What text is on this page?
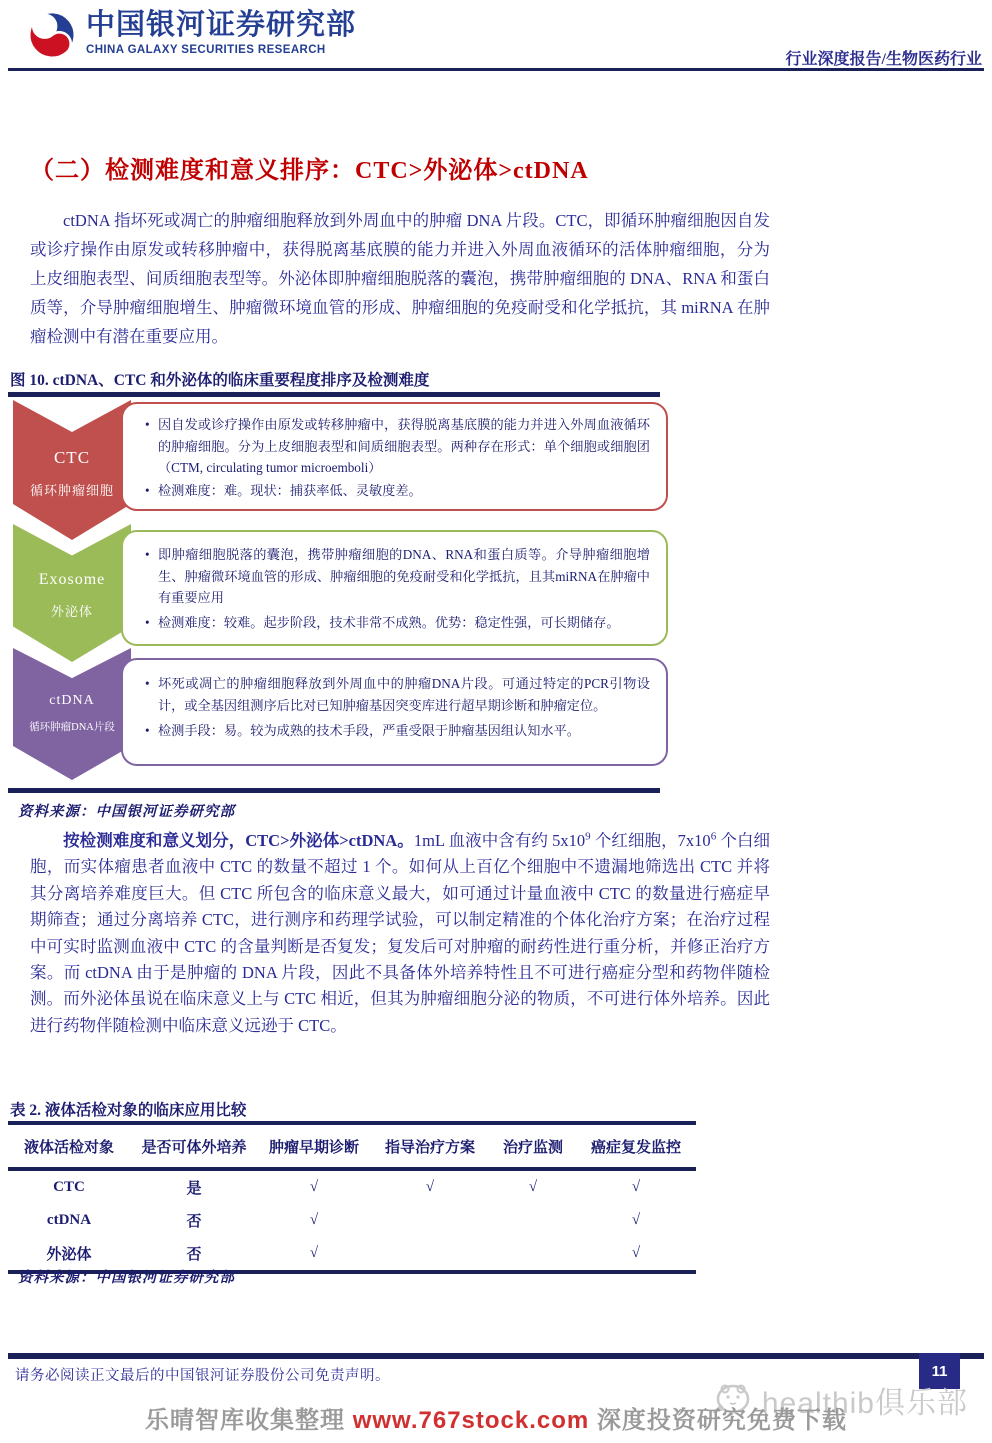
中国银河证券研究部
CHINA GALAXY SECURITIES RESEARCH
行业深度报告/生物医药行业
（二）检测难度和意义排序：CTC>外泌体>ctDNA
ctDNA 指坏死或凋亡的肿瘤细胞释放到外周血中的肿瘤 DNA 片段。CTC，即循环肿瘤细胞因自发或诊疗操作由原发或转移肿瘤中，获得脱离基底膜的能力并进入外周血液循环的活体肿瘤细胞，分为上皮细胞表型、间质细胞表型等。外泌体即肿瘤细胞脱落的囊泡，携带肿瘤细胞的 DNA、RNA 和蛋白质等，介导肿瘤细胞增生、肿瘤微环境血管的形成、肿瘤细胞的免疫耐受和化学抵抗，其 miRNA 在肿瘤检测中有潜在重要应用。
图 10. ctDNA、CTC 和外泌体的临床重要程度排序及检测难度
CTC
循环肿瘤细胞
• 因自发或诊疗操作由原发或转移肿瘤中，获得脱离基底膜的能力并进入外周血液循环的肿瘤细胞。分为上皮细胞表型和间质细胞表型。两种存在形式：单个细胞或细胞团（CTM, circulating tumor microemboli）
• 检测难度：难。现状：捕获率低、灵敏度差。
Exosome
外泌体
• 即肿瘤细胞脱落的囊泡，携带肿瘤细胞的DNA、RNA和蛋白质等。介导肿瘤细胞增生、肿瘤微环境血管的形成、肿瘤细胞的免疫耐受和化学抵抗，且其miRNA在肿瘤中有重要应用
• 检测难度：较难。起步阶段，技术非常不成熟。优势：稳定性强，可长期储存。
ctDNA
循环肿瘤DNA片段
• 坏死或凋亡的肿瘤细胞释放到外周血中的肿瘤DNA片段。可通过特定的PCR引物设计，或全基因组测序后比对已知肿瘤基因突变库进行超早期诊断和肿瘤定位。
• 检测手段：易。较为成熟的技术手段，严重受限于肿瘤基因组认知水平。
资料来源：中国银河证券研究部
按检测难度和意义划分，CTC>外泌体>ctDNA。1mL 血液中含有约 $5x10^9$ 个红细胞，$7x10^6$ 个白细胞，而实体瘤患者血液中 CTC 的数量不超过 1 个。如何从上百亿个细胞中不遗漏地筛选出 CTC 并将其分离培养难度巨大。但 CTC 所包含的临床意义最大，如可通过计量血液中 CTC 的数量进行癌症早期筛查；通过分离培养 CTC，进行测序和药理学试验，可以制定精准的个体化治疗方案；在治疗过程中可实时监测血液中 CTC 的含量判断是否复发；复发后可对肿瘤的耐药性进行重分析，并修正治疗方案。而 ctDNA 由于是肿瘤的 DNA 片段，因此不具备体外培养特性且不可进行癌症分型和药物伴随检测。而外泌体虽说在临床意义上与 CTC 相近，但其为肿瘤细胞分泌的物质，不可进行体外培养。因此进行药物伴随检测中临床意义远逊于 CTC。
表 2. 液体活检对象的临床应用比较
液体活检对象	是否可体外培养	肿瘤早期诊断	指导治疗方案	治疗监测	癌症复发监控
CTC	是	√	√	√	√
ctDNA	否	√			√
外泌体	否	√			√
资料来源：中国银河证券研究部
请务必阅读正文最后的中国银河证券股份公司免责声明。	11
healthib俱乐部
乐晴智库收集整理 www.767stock.com 深度投资研究免费下载
